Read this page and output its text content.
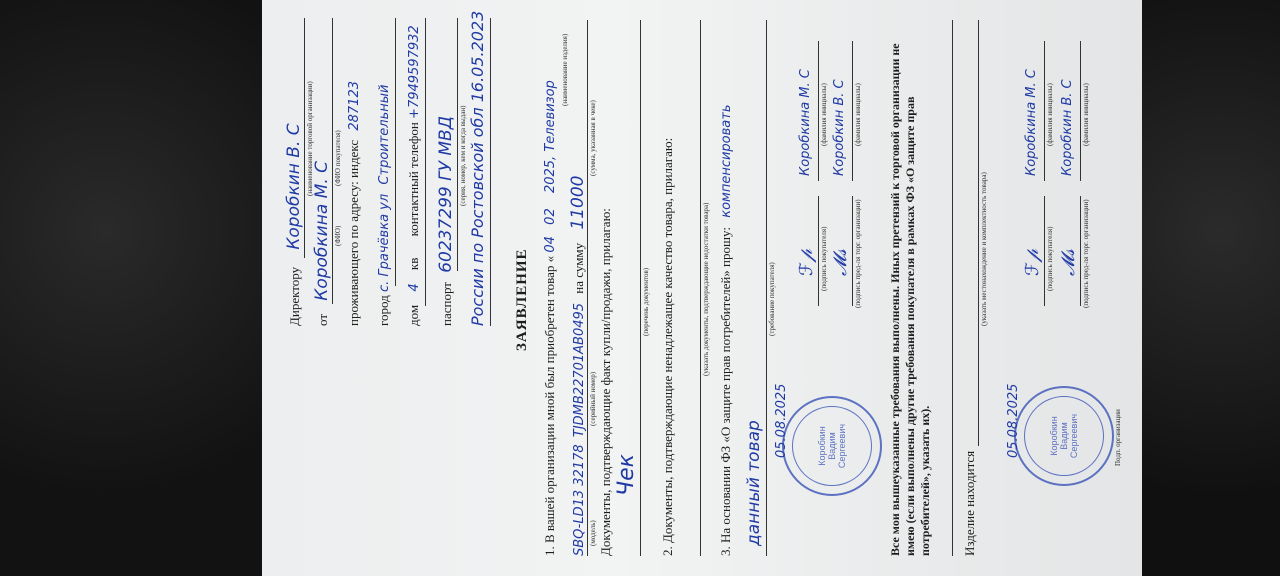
Директору Коробкин В. С (наименование торговой организации)
от Коробкина М. С (ФИО)
(ФИО покупателя) проживающего по адресу: индекс 287123
город с. Грачёвка ул Строительный
дом 4 кв контактный телефон +7949597932
паспорт 60237299 ГУ МВД (серия, номер, кем и когда выдан) России по Ростовской обл 16.05.2023 ЗАЯВЛЕНИЕ 1. В вашей организации мной был приобретен товар « 04 02 2025, Телевизор
(наименование изделия)
SBQ-LD13 32178 TJDMB22701AB0495 на сумму 11000
(модель)
(серийный номер)
(сумма, указанная в чеке)
Документы, подтверждающие факт купли/продажи, прилагаю: Чек
(перечень документов) 2. Документы, подтверждающие ненадлежащее качество товара, прилагаю:	(указать документы, подтверждающие недостатки товара) 3. На основании ФЗ «О защите прав потребителей» прошу: компенсировать
данный товар
(требование покупателя)
Коробкин Вадим Сергеевич
05.08.2025
ℱ𝓅 (подпись покупателя)
Коробкина М. С (фамилия инициалы)
𝓜𝓈 (подпись пред-ля торг. организации)
Коробкин В. С (фамилия инициалы) Все мои вышеуказанные требования выполнены. Иных претензий к торговой организации не имею (если выполнены другие требования покупателя в рамках ФЗ «О защите прав потребителей», указать их). Изделие находится
(указать местонахождение и комплектность товара)
Коробкин Вадим Сергеевич
05.08.2025	Подп. организации
ℱ𝓅 (подпись покупателя)
Коробкина М. С (фамилия инициалы)
𝓜𝓈 (подпись пред-ля торг. организации)
Коробкин В. С (фамилия инициалы)
